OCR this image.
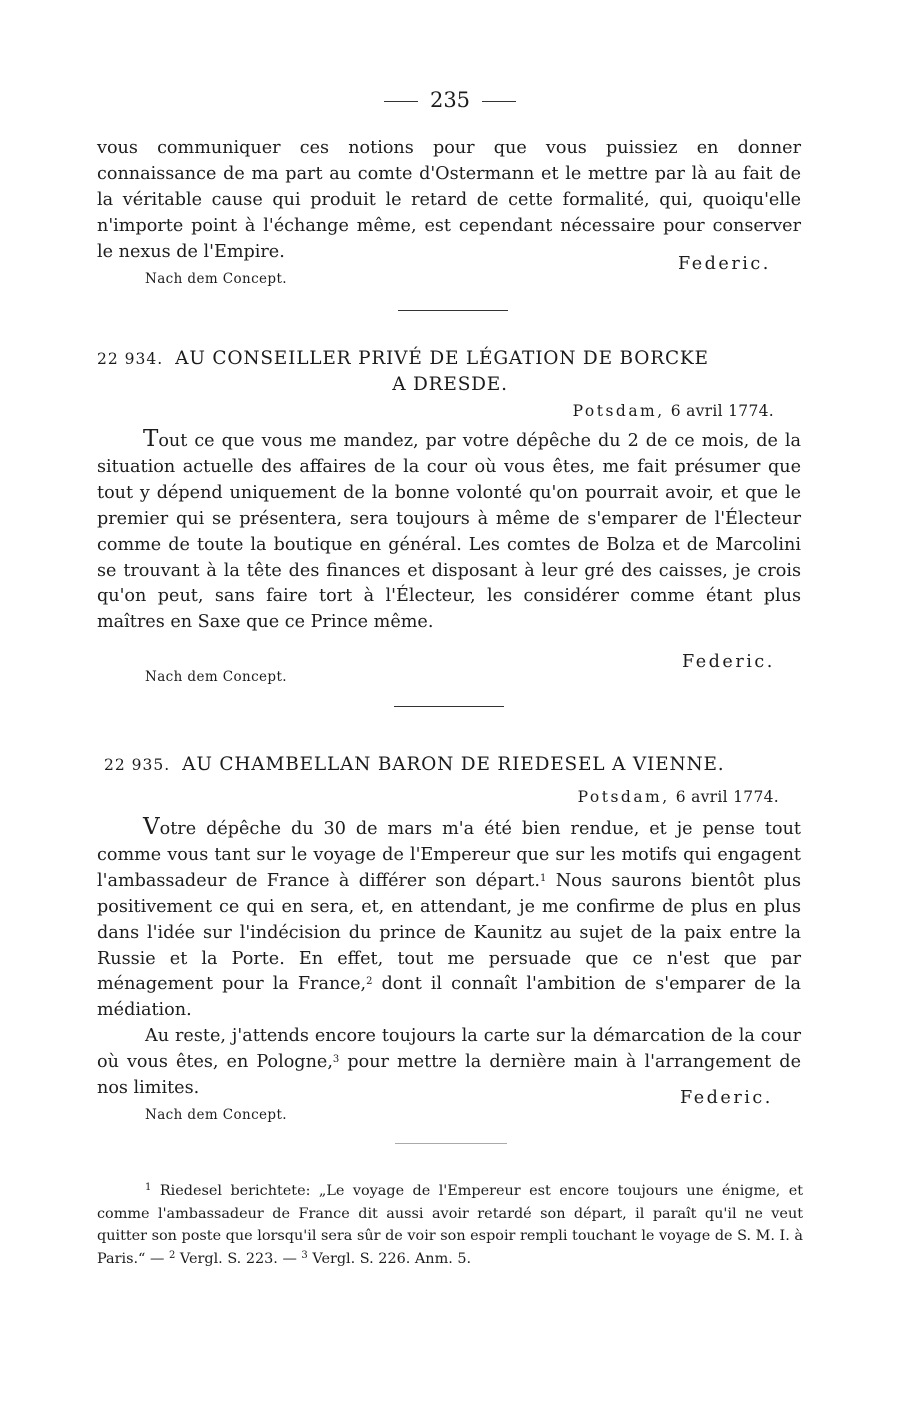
235

vous communiquer ces notions pour que vous puissiez en donner connaissance de ma part au comte d'Ostermann et le mettre par là au fait de la véritable cause qui produit le retard de cette formalité, qui, quoiqu'elle n'importe point à l'échange même, est cependant nécessaire pour conserver le nexus de l'Empire.

Federic.
Nach dem Concept.
22 934. AU CONSEILLER PRIVÉ DE LÉGATION DE BORCKE
A DRESDE.
Potsdam, 6 avril 1774.

Tout ce que vous me mandez, par votre dépêche du 2 de ce mois, de la situation actuelle des affaires de la cour où vous êtes, me fait présumer que tout y dépend uniquement de la bonne volonté qu'on pourrait avoir, et que le premier qui se présentera, sera toujours à même de s'emparer de l'Électeur comme de toute la boutique en général. Les comtes de Bolza et de Marcolini se trouvant à la tête des finances et disposant à leur gré des caisses, je crois qu'on peut, sans faire tort à l'Électeur, les considérer comme étant plus maîtres en Saxe que ce Prince même.

Federic.
Nach dem Concept.
22 935. AU CHAMBELLAN BARON DE RIEDESEL A VIENNE.
Potsdam, 6 avril 1774.

Votre dépêche du 30 de mars m'a été bien rendue, et je pense tout comme vous tant sur le voyage de l'Empereur que sur les motifs qui engagent l'ambassadeur de France à différer son départ.$^1$ Nous saurons bientôt plus positivement ce qui en sera, et, en attendant, je me confirme de plus en plus dans l'idée sur l'indécision du prince de Kaunitz au sujet de la paix entre la Russie et la Porte. En effet, tout me persuade que ce n'est que par ménagement pour la France,$^2$ dont il connaît l'ambition de s'emparer de la médiation.

Au reste, j'attends encore toujours la carte sur la démarcation de la cour où vous êtes, en Pologne,$^3$ pour mettre la dernière main à l'arrangement de nos limites.	Federic.
Nach dem Concept.

$^1$ Riedesel berichtete: „Le voyage de l'Empereur est encore toujours une énigme, et comme l'ambassadeur de France dit aussi avoir retardé son départ, il paraît qu'il ne veut quitter son poste que lorsqu'il sera sûr de voir son espoir rempli touchant le voyage de S. M. I. à Paris.“ — $^2$ Vergl. S. 223. — $^3$ Vergl. S. 226. Anm. 5.
